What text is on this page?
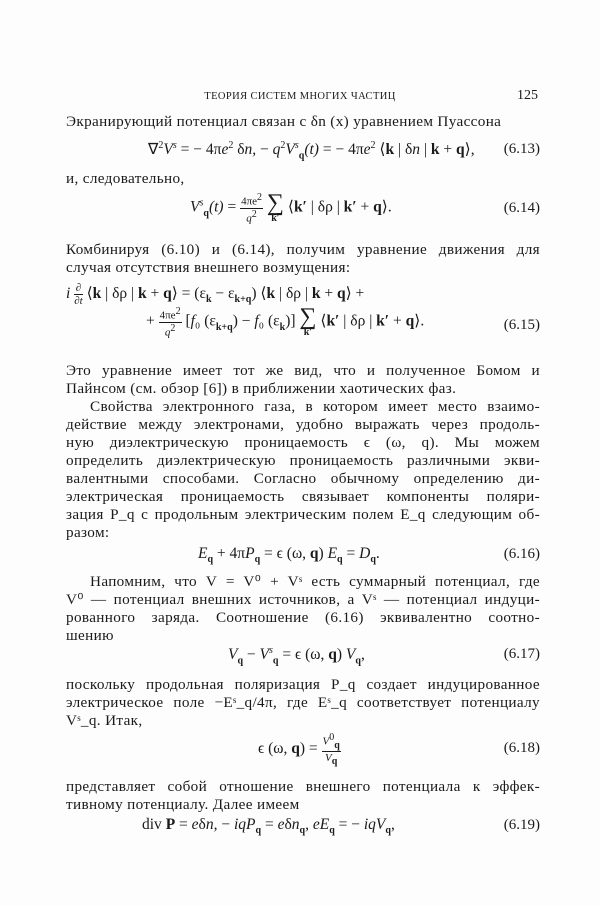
ТЕОРИЯ СИСТЕМ МНОГИХ ЧАСТИЦ	125
Экранирующий потенциал связан с δn (x) уравнением Пуассона
$\nabla^2V^s$ = − $4\pi e^2$ δn, − $q^2V^s_q(t)$ = − $4\pi e^2$ ⟨k | δn | k + q⟩, (6.13)
и, следовательно,
$V^s_q(t) = \frac{4\pi e^2}{q^2}$
∑
k′
⟨k′ | δρ | k′ + q⟩.	(6.14)
Комбинируя (6.10) и (6.14), получим уравнение движения для
случая отсутствия внешнего возмущения:
i $\frac{\partial}{\partial t}$ ⟨k | δρ | k + q⟩ = $(\varepsilon_k - \varepsilon_{k+q})$ ⟨k | δρ | k + q⟩ +
+ $\frac{4\pi e^2}{q^2} [f_0$ $(\varepsilon_{k+q}) - f_0$ $(\varepsilon_k)$] ∑
k′
⟨k′ | δρ | k′ + q⟩.	(6.15)
Это уравнение имеет тот же вид, что и полученное Бомом и
Пайнсом (см. обзор [6]) в приближении хаотических фаз.
Свойства электронного газа, в котором имеет место взаимо-
действие между электронами, удобно выражать через продоль-
ную диэлектрическую проницаемость ϵ (ω, q). Мы можем
определить диэлектрическую проницаемость различными экви-
валентными способами. Согласно обычному определению ди-
электрическая проницаемость связывает компоненты поляри-
зация P_q с продольным электрическим полем E_q следующим об-
разом:
$E_q + 4\pi P_q = \epsilon$ (ω, q) $E_q = D_q$.	(6.16)
Напомним, что V = V⁰ + Vˢ есть суммарный потенциал, где
V⁰ — потенциал внешних источников, а Vˢ — потенциал индуци-
рованного заряда. Соотношение (6.16) эквивалентно соотно-
шению
$V_q - V^s_q = \epsilon$ (ω, q) $V_q$,	(6.17)
поскольку продольная поляризация P_q создает индуцированное
электрическое поле −Eˢ_q/4π, где Eˢ_q соответствует потенциалу
Vˢ_q. Итак,
ϵ (ω, $q) = \frac{V^0_q}{V_q}$	(6.18)
представляет собой отношение внешнего потенциала к эффек-
тивному потенциалу. Далее имеем
div P = eδn, − iqP$_q$ = eδn$_q$, $eE_q$ = − iqV$_q$,	(6.19)
